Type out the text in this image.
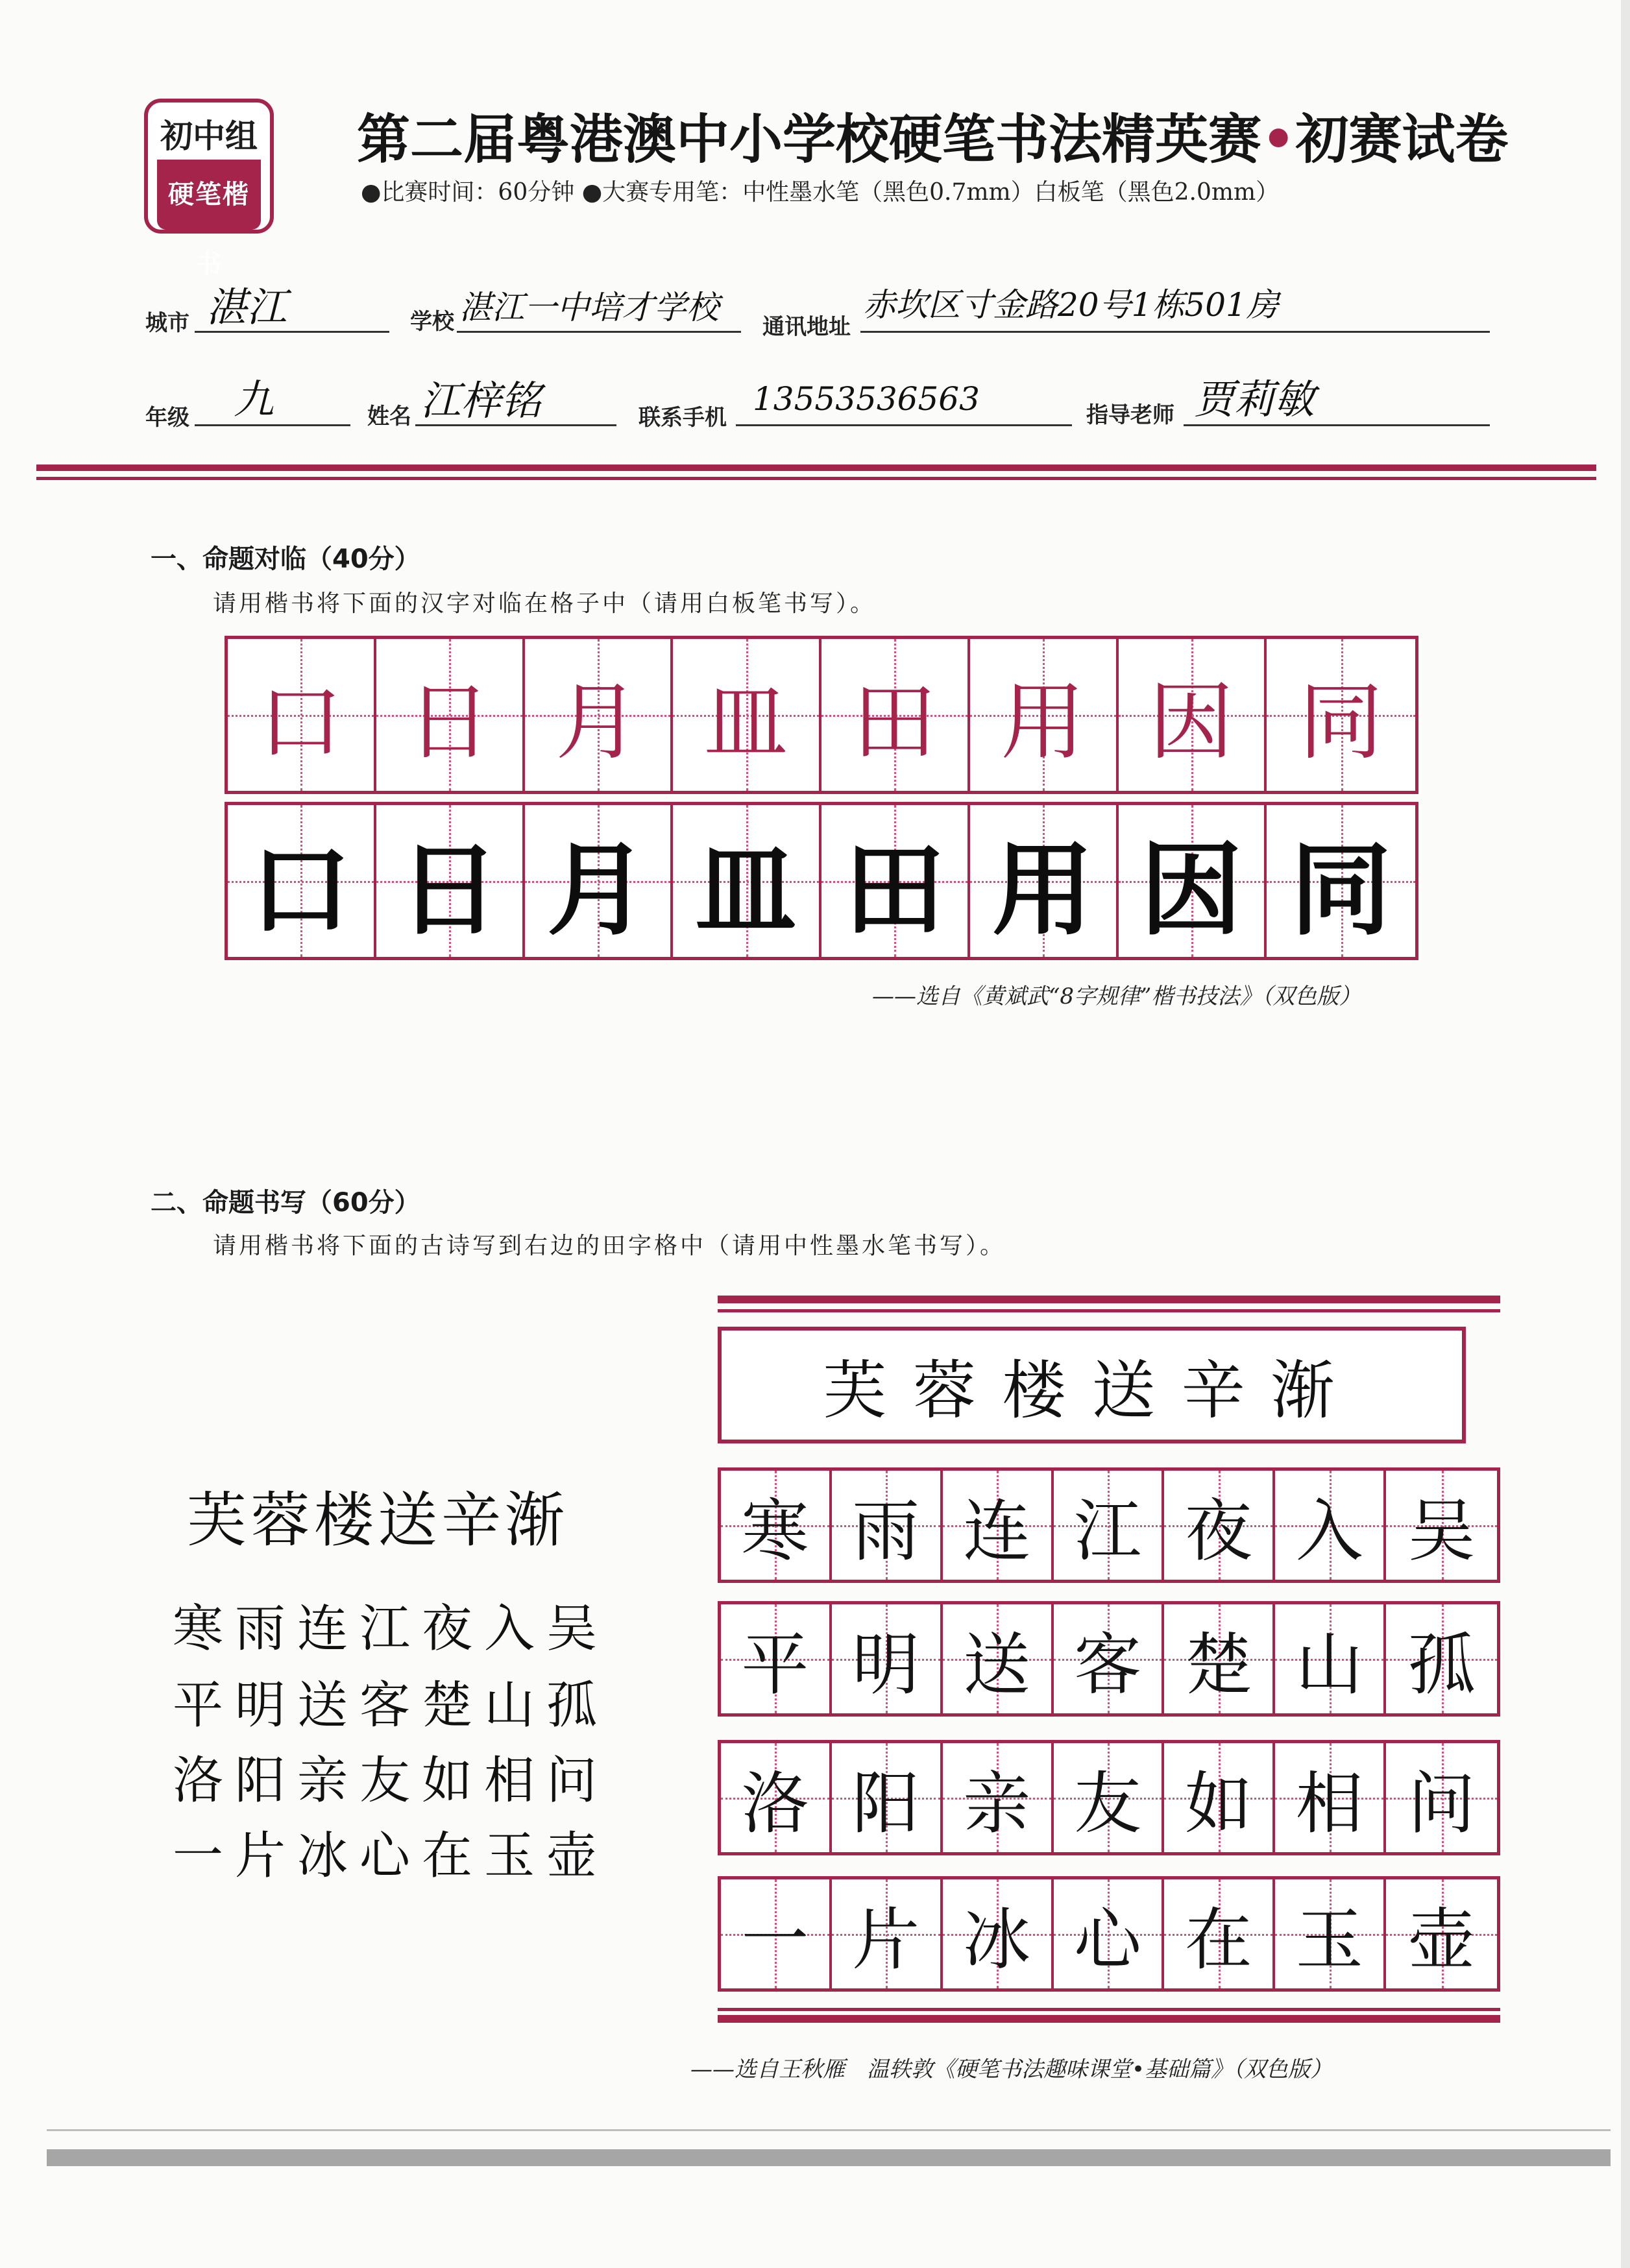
初中组
硬笔楷书
第二届粤港澳中小学校硬笔书法精英赛•初赛试卷
●比赛时间：60分钟 ●大赛专用笔：中性墨水笔（黑色0.7mm）白板笔（黑色2.0mm）
城市 湛江	学校 湛江一中培才学校
通讯地址
赤坎区寸金路20号1栋501房
年级 九	姓名 江梓铭	联系手机 13553536563	指导老师 贾莉敏
一、命题对临（40分）
请用楷书将下面的汉字对临在格子中（请用白板笔书写）。
口 日 月 皿 田 用 因 同
口 日 月 皿 田 用 因 同
——选自《黄斌武“8字规律”楷书技法》（双色版）
二、命题书写（60分）
请用楷书将下面的古诗写到右边的田字格中（请用中性墨水笔书写）。
芙蓉楼送辛渐
寒雨连江夜入吴
平明送客楚山孤
洛阳亲友如相问
一片冰心在玉壶
芙蓉楼送辛渐
寒 雨 连 江 夜 入 吴
平 明 送 客 楚 山 孤
洛 阳 亲 友 如 相 问
一 片 冰 心 在 玉 壶
——选自王秋雁　温轶敦《硬笔书法趣味课堂•基础篇》（双色版）
